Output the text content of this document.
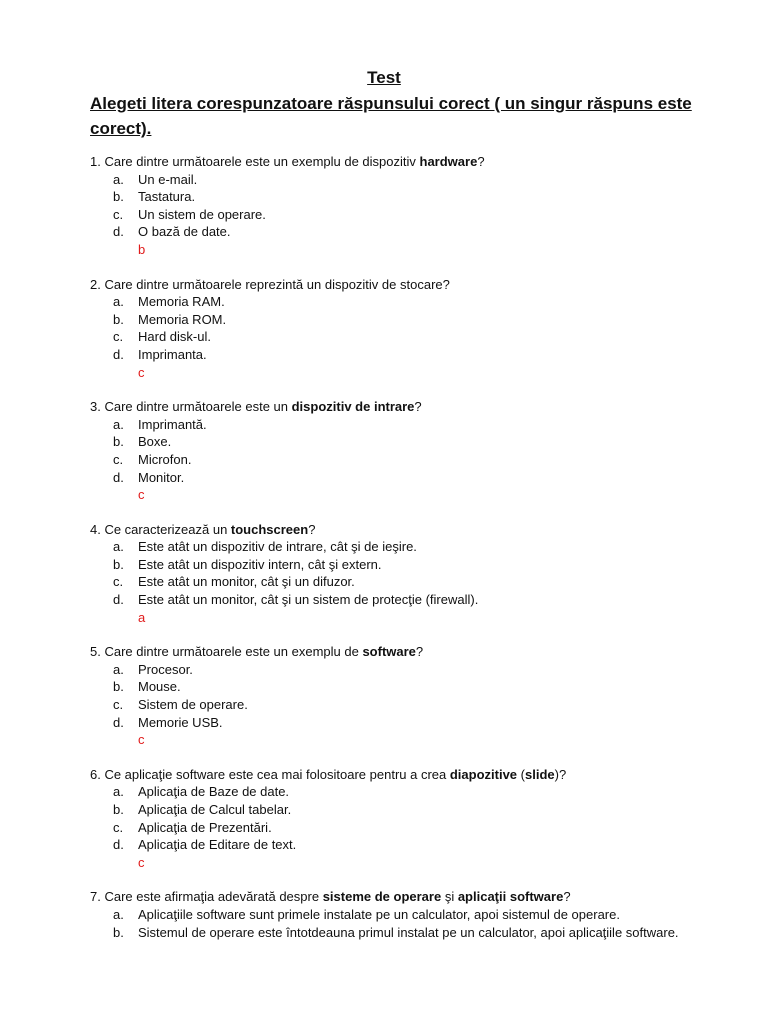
Test
Alegeti litera corespunzatoare răspunsului corect ( un singur răspuns este corect).
1. Care dintre următoarele este un exemplu de dispozitiv hardware?
a. Un e-mail.
b. Tastatura.
c. Un sistem de operare.
d. O bază de date.
b
2. Care dintre următoarele reprezintă un dispozitiv de stocare?
a. Memoria RAM.
b. Memoria ROM.
c. Hard disk-ul.
d. Imprimanta.
c
3. Care dintre următoarele este un dispozitiv de intrare?
a. Imprimantă.
b. Boxe.
c. Microfon.
d. Monitor.
c
4. Ce caracterizează un touchscreen?
a. Este atât un dispozitiv de intrare, cât şi de ieşire.
b. Este atât un dispozitiv intern, cât şi extern.
c. Este atât un monitor, cât şi un difuzor.
d. Este atât un monitor, cât şi un sistem de protecţie (firewall).
a
5. Care dintre următoarele este un exemplu de software?
a. Procesor.
b. Mouse.
c. Sistem de operare.
d. Memorie USB.
c
6. Ce aplicaţie software este cea mai folositoare pentru a crea diapozitive (slide)?
a. Aplicaţia de Baze de date.
b. Aplicaţia de Calcul tabelar.
c. Aplicaţia de Prezentări.
d. Aplicaţia de Editare de text.
c
7. Care este afirmaţia adevărată despre sisteme de operare şi aplicaţii software?
a. Aplicaţiile software sunt primele instalate pe un calculator, apoi sistemul de operare.
b. Sistemul de operare este întotdeauna primul instalat pe un calculator, apoi aplicaţiile software.
